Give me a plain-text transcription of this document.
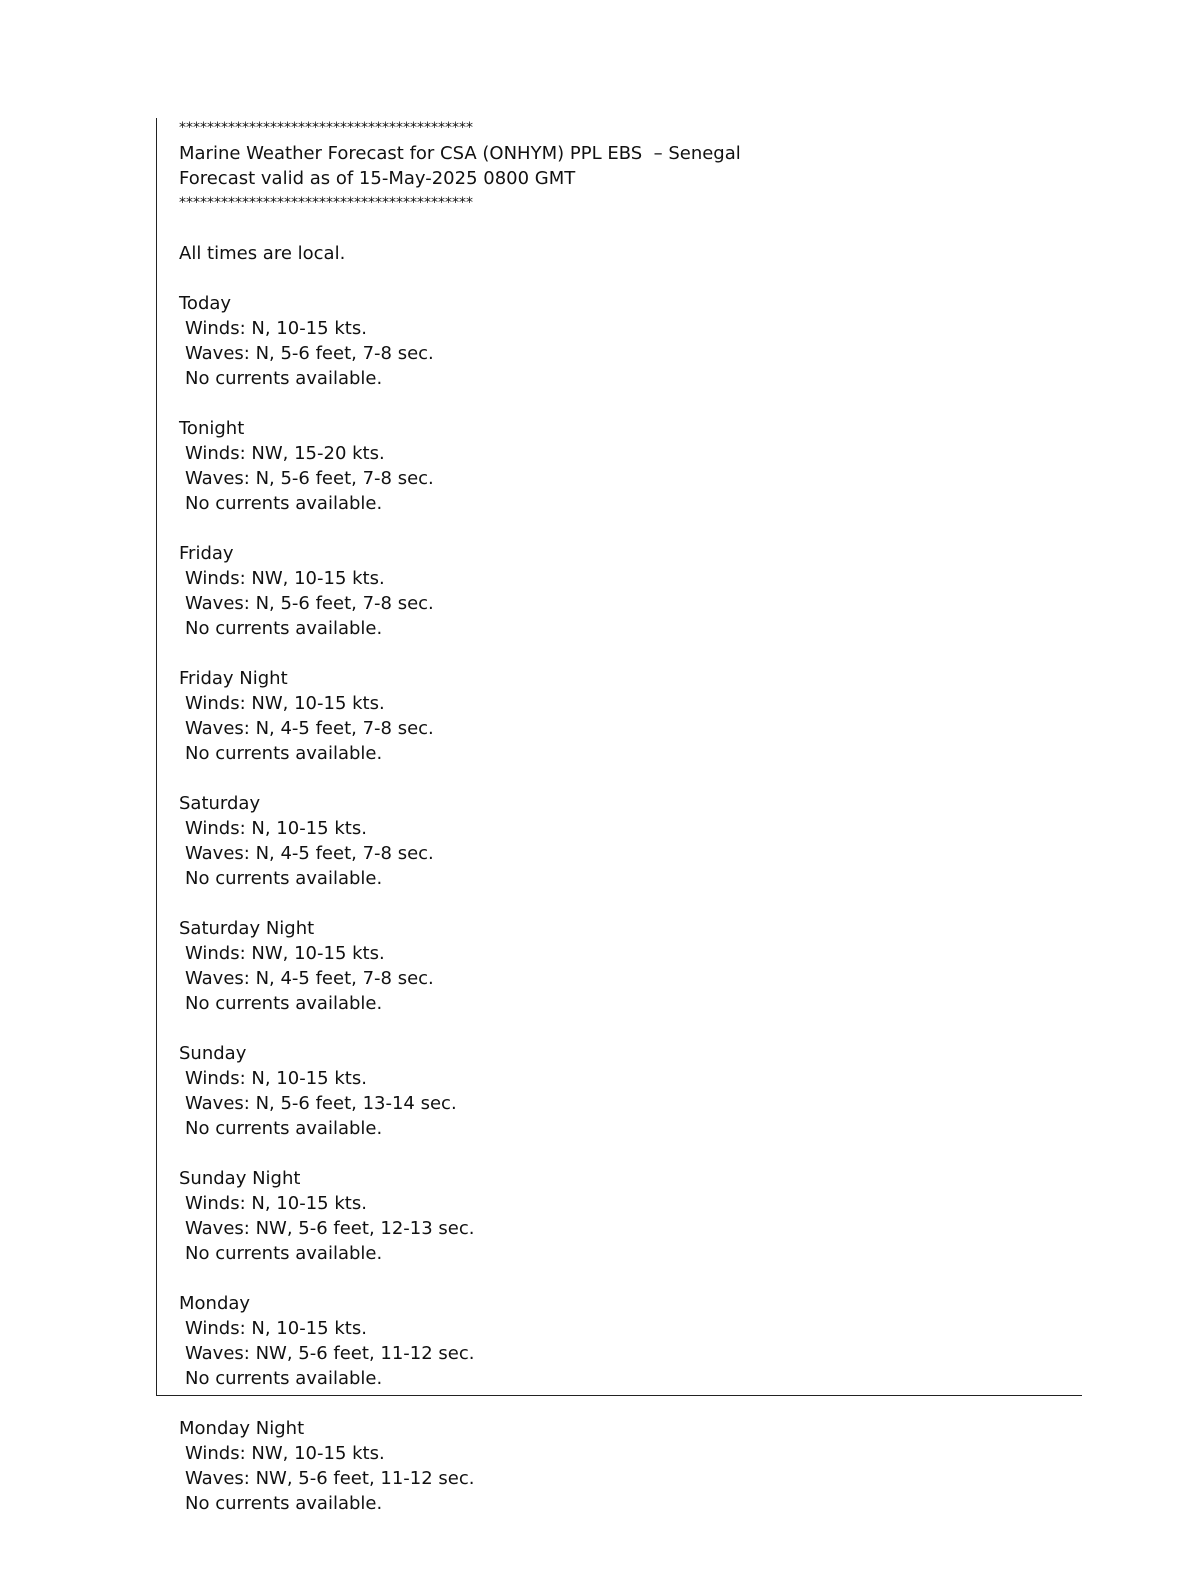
******************************************
Marine Weather Forecast for CSA (ONHYM) PPL EBS  – Senegal
Forecast valid as of 15-May-2025 0800 GMT
******************************************
All times are local.
Today
Winds: N, 10-15 kts.
Waves: N, 5-6 feet, 7-8 sec.
No currents available.
Tonight
Winds: NW, 15-20 kts.
Waves: N, 5-6 feet, 7-8 sec.
No currents available.
Friday
Winds: NW, 10-15 kts.
Waves: N, 5-6 feet, 7-8 sec.
No currents available.
Friday Night
Winds: NW, 10-15 kts.
Waves: N, 4-5 feet, 7-8 sec.
No currents available.
Saturday
Winds: N, 10-15 kts.
Waves: N, 4-5 feet, 7-8 sec.
No currents available.
Saturday Night
Winds: NW, 10-15 kts.
Waves: N, 4-5 feet, 7-8 sec.
No currents available.
Sunday
Winds: N, 10-15 kts.
Waves: N, 5-6 feet, 13-14 sec.
No currents available.
Sunday Night
Winds: N, 10-15 kts.
Waves: NW, 5-6 feet, 12-13 sec.
No currents available.
Monday
Winds: N, 10-15 kts.
Waves: NW, 5-6 feet, 11-12 sec.
No currents available.
Monday Night
Winds: NW, 10-15 kts.
Waves: NW, 5-6 feet, 11-12 sec.
No currents available.
